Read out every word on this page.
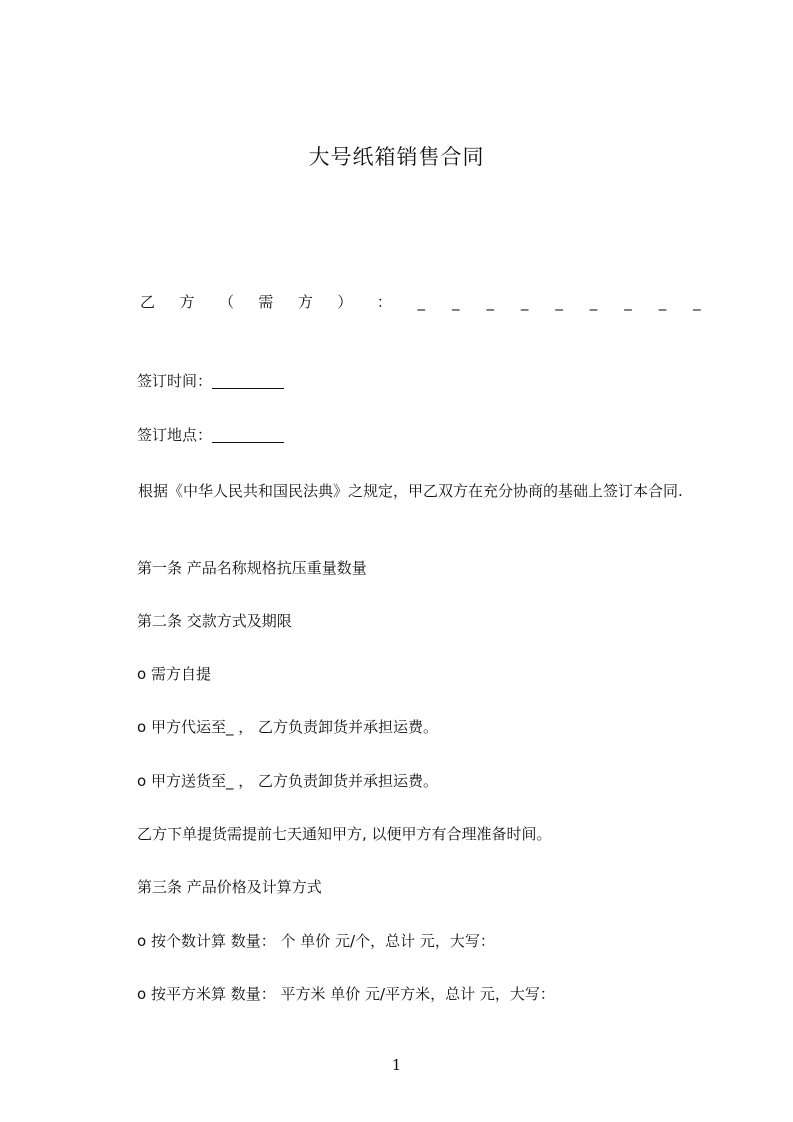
大号纸箱销售合同
乙 方 （ 需 方 ） ： _ _ _ _ _ _ _ _ _
签订时间：
签订地点：
根据《中华人民共和国民法典》之规定，甲乙双方在充分协商的基础上签订本合同.
第一条 产品名称规格抗压重量数量
第二条 交款方式及期限
o 需方自提
o 甲方代运至_ ， 乙方负责卸货并承担运费。
o 甲方送货至_ ， 乙方负责卸货并承担运费。
乙方下单提货需提前七天通知甲方, 以便甲方有合理准备时间。
第三条 产品价格及计算方式
o 按个数计算 数量： 个 单价 元/个，总计 元，大写：
o 按平方米算 数量： 平方米 单价 元/平方米，总计 元，大写：
1
